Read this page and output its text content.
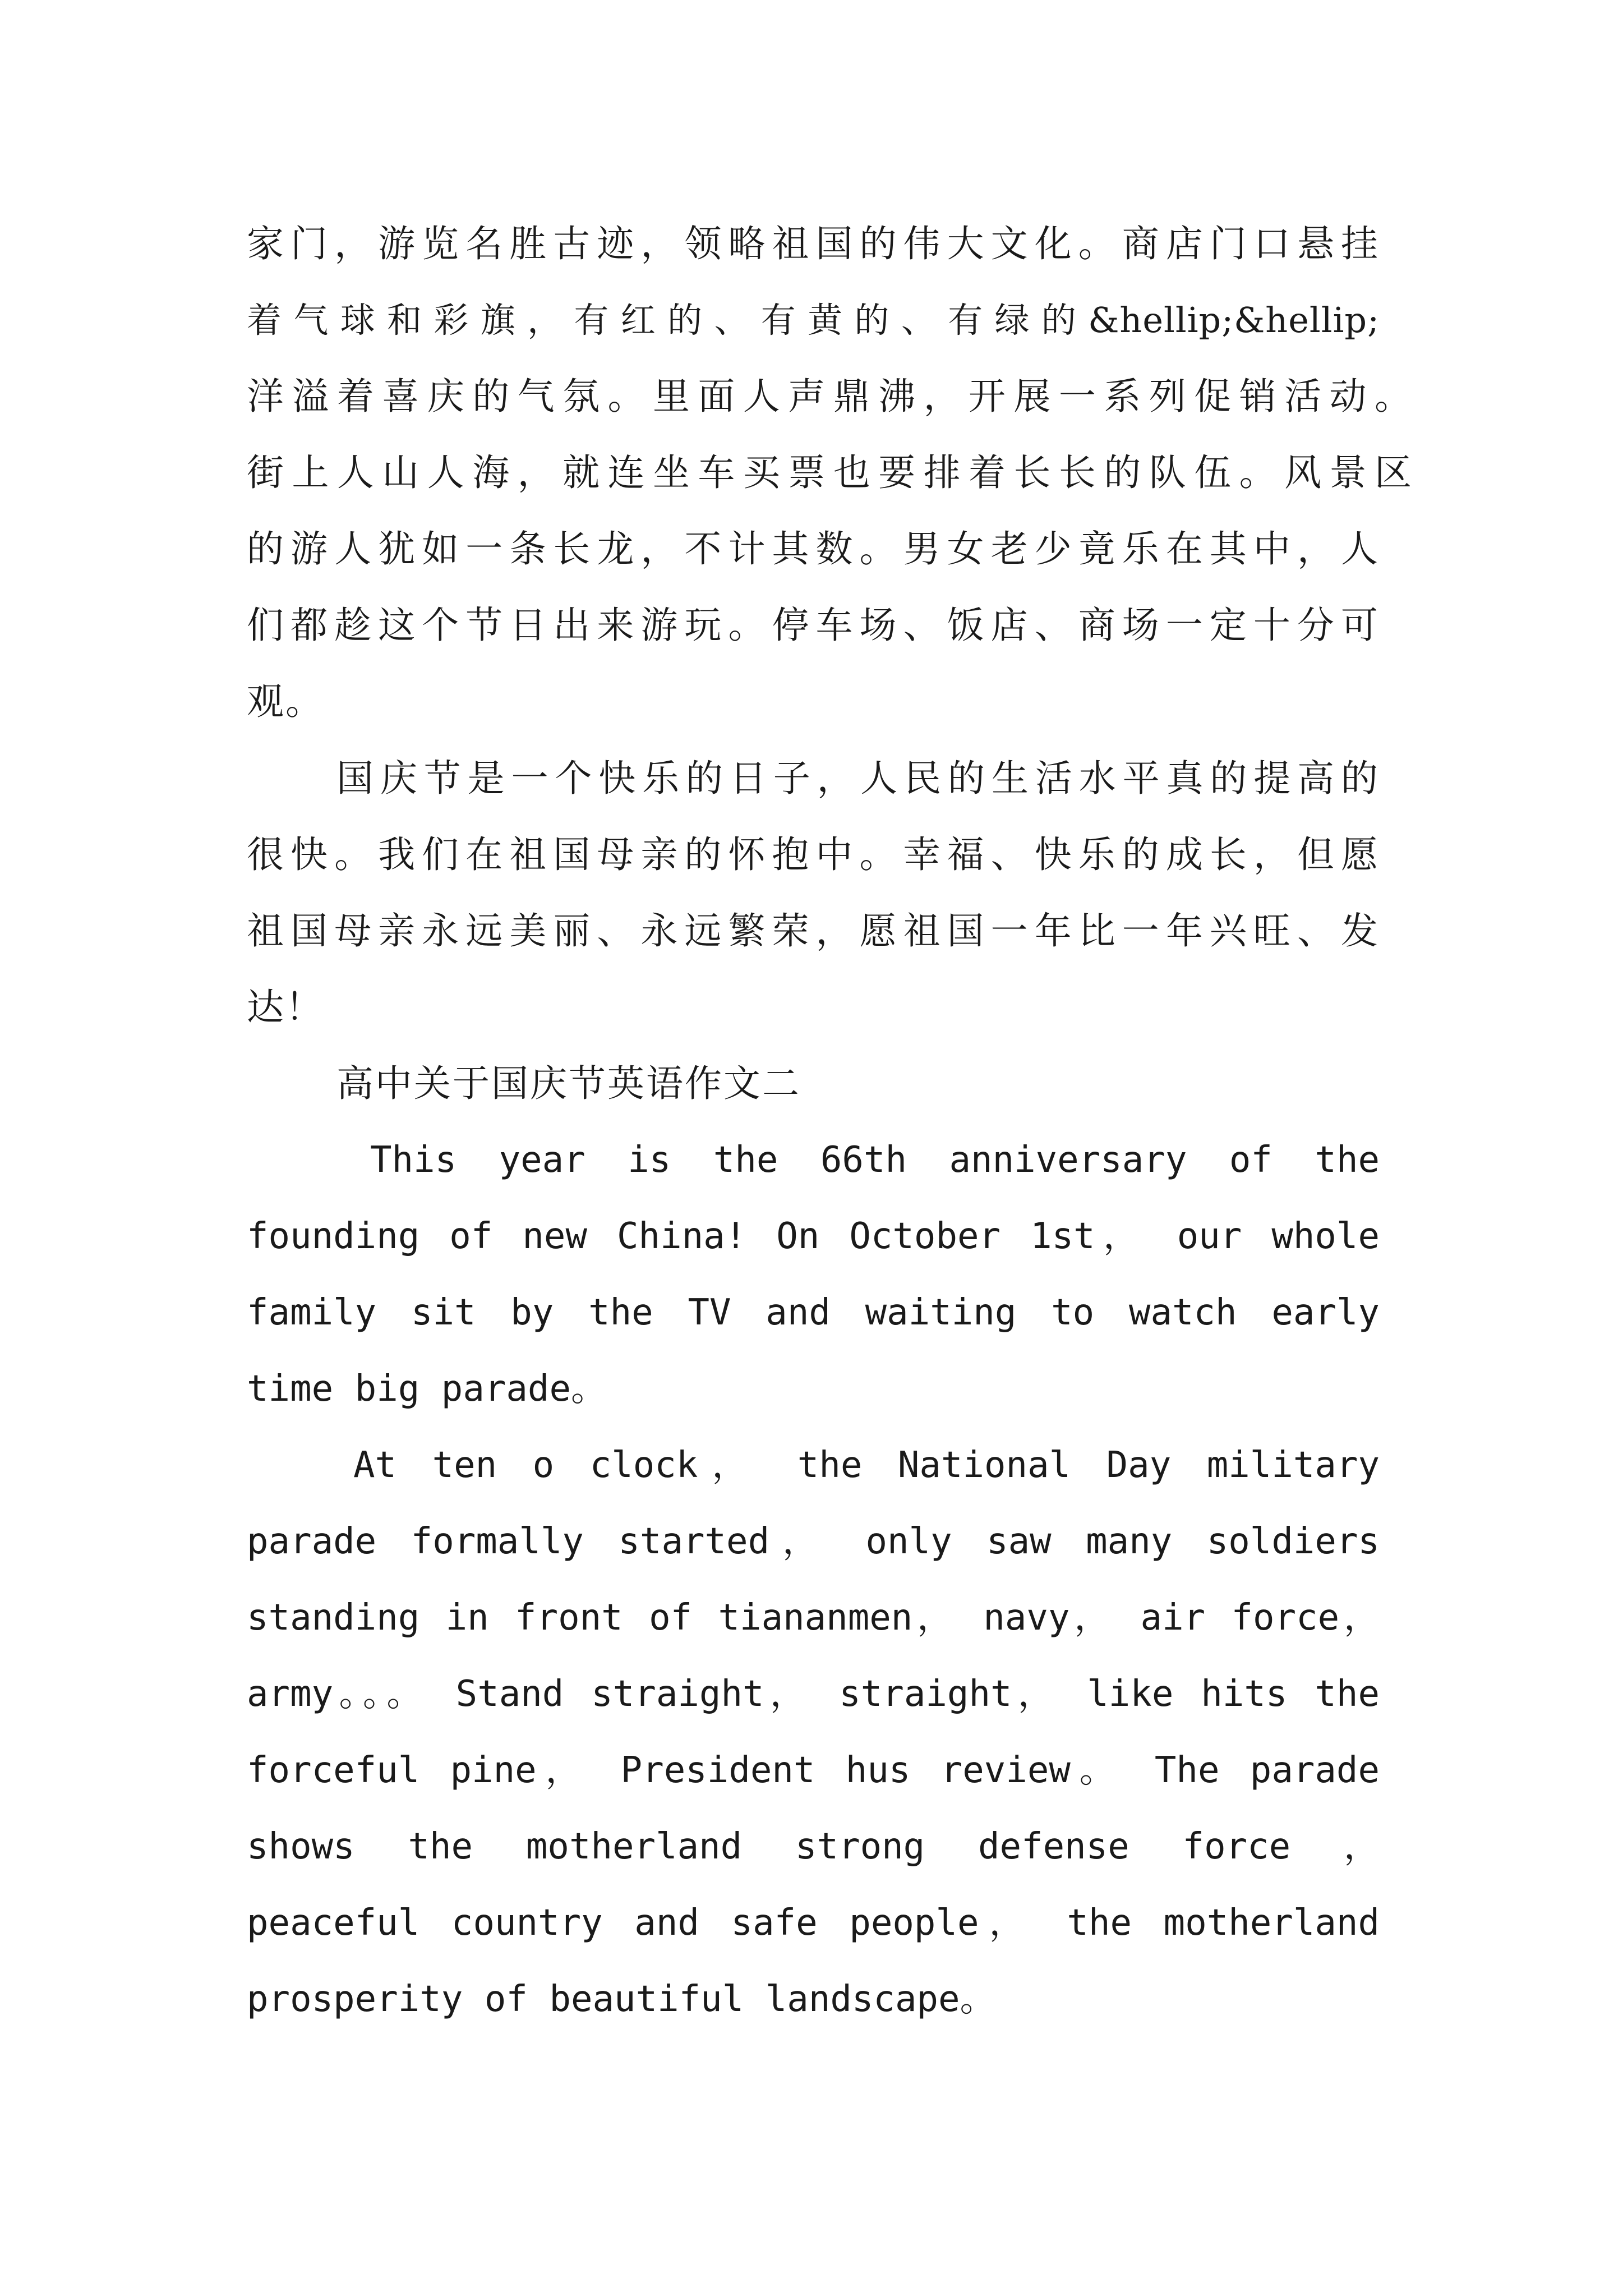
家门，游览名胜古迹，领略祖国的伟大文化。商店门口悬挂
着气球和彩旗，有红的、有黄的、有绿的&hellip;&hellip;
洋溢着喜庆的气氛。里面人声鼎沸，开展一系列促销活动。
街上人山人海，就连坐车买票也要排着长长的队伍。风景区
的游人犹如一条长龙，不计其数。男女老少竟乐在其中，人
们都趁这个节日出来游玩。停车场、饭店、商场一定十分可
观。
国庆节是一个快乐的日子，人民的生活水平真的提高的
很快。我们在祖国母亲的怀抱中。幸福、快乐的成长，但愿
祖国母亲永远美丽、永远繁荣，愿祖国一年比一年兴旺、发
达！
高中关于国庆节英语作文二
This year is the 66th anniversary of the
founding of new China! On October 1st， our whole
family sit by the TV and waiting to watch early
time big parade。
At ten o clock， the National Day military
parade formally started， only saw many soldiers
standing in front of tiananmen， navy， air force，
army。。。 Stand straight， straight， like hits the
forceful pine， President hus review。 The parade
shows the motherland strong defense force ，
peaceful country and safe people， the motherland
prosperity of beautiful landscape。
